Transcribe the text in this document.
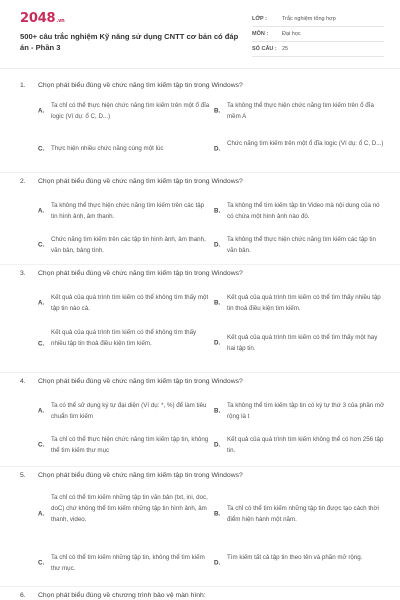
2048.vn
500+ câu trắc nghiệm Kỹ năng sử dụng CNTT cơ bản có đáp án - Phần 3
LỚP :	Trắc nghiệm tổng hợp
MÔN :	Đại học
SỐ CÂU : 25
1. Chọn phát biểu đúng về chức năng tìm kiếm tập tin trong Windows?
A.
Ta chỉ có thể thực hiện chức năng tìm kiếm trên một ổ đĩa logic (Ví dụ: ổ C, D...)
B.
Ta không thể thực hiện chức năng tìm kiếm trên ổ đĩa mềm A
C. Thực hiện nhiều chức năng cùng một lúc	D.
Chức năng tìm kiếm trên một ổ đĩa logic (Ví dụ: ổ C, D...)
2. Chọn phát biểu đúng về chức năng tìm kiếm tập tin trong Windows?
A.
Ta không thể thực hiện chức năng tìm kiếm trên các tập tin hình ảnh, âm thanh.
B.
Ta không thể tìm kiếm tập tin Video mà nội dung của nó có chứa một hình ảnh nào đó.
C.
Chức năng tìm kiếm trên các tập tin hình ảnh, âm thanh, văn bản, bảng tính.
D.
Ta không thể thực hiện chức năng tìm kiếm các tập tin văn bản.
3. Chọn phát biểu đúng về chức năng tìm kiếm tập tin trong Windows?
A.
Kết quả của quá trình tìm kiếm có thể không tìm thấy một tập tin nào cả.
B.
Kết quả của quá trình tìm kiếm có thể tìm thấy nhiều tập tin thoả điều kiện tìm kiếm.
C.
Kết quả của quá trình tìm kiếm có thể không tìm thấy nhiều tập tin thoả điều kiện tìm kiếm.	D.
Kết quả của quá trình tìm kiếm có thể tìm thấy một hay hai tập tin.
4. Chọn phát biểu đúng về chức năng tìm kiếm tập tin trong Windows?
A.
Ta có thể sử dụng ký tự đại diện (Ví dụ: *, %) để làm tiêu chuẩn tìm kiếm
B.
Ta không thể tìm kiếm tập tin có ký tự thứ 3 của phần mở rộng là t
C.
Ta chỉ có thể thực hiện chức năng tìm kiếm tập tin, không thể tìm kiếm thư mục
D.
Kết quả của quá trình tìm kiếm không thể có hơn 256 tập tin.
5. Chọn phát biểu đúng về chức năng tìm kiếm tập tin trong Windows?
A.
Ta chỉ có thể tìm kiếm những tập tin văn bản (txt, ini, doc, doC) chứ không thể tìm kiếm những tập tin hình ảnh, âm thanh, video.
B.
Ta chỉ có thể tìm kiếm những tập tin được tạo cách thời điểm hiện hành một năm.
C.
Ta chỉ có thể tìm kiếm những tập tin, không thể tìm kiếm thư mục.
D.
Tìm kiếm tất cả tập tin theo tên và phần mở rộng.
6. Chọn phát biểu đúng về chương trình bảo vệ màn hình:
